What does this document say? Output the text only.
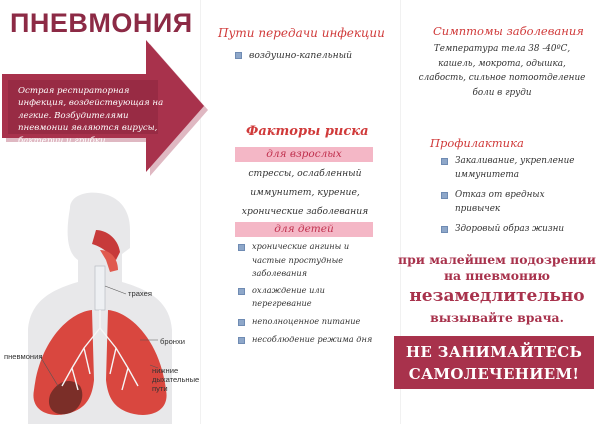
ПНЕВМОНИЯ
Острая респираторная инфекция, воздействующая на легкие. Возбудителями пневмонии являются вирусы, бактерии и грибки.
трахея
бронхи
пневмония
нижние
дыхательные
пути
Пути передачи инфекции
воздушно-капельный
Факторы риска
для взрослых
стрессы, ослабленный
иммунитет, курение,
хронические заболевания
для детей
хронические ангины и частые простудные заболевания
охлаждение или перегревание
неполноценное питание
несоблюдение режима дня
Симптомы заболевания
Температура тела 38 -40ºС,
кашель, мокрота, одышка,
слабость, сильное потоотделение
боли в груди
Профилактика
Закаливание, укрепление иммунитета
Отказ от вредных привычек
Здоровый образ жизни
при малейшем подозрении
на пневмонию
незамедлительно
вызывайте врача.
НЕ ЗАНИМАЙТЕСЬ
САМОЛЕЧЕНИЕМ!
